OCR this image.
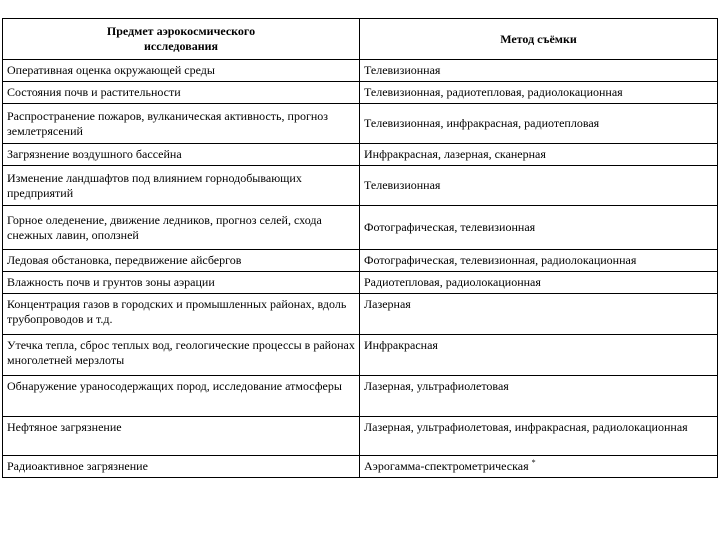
Предмет аэрокосмического исследования	Метод съёмки
Оперативная оценка окружающей среды	Телевизионная
Состояния почв и растительности	Телевизионная, радиотепловая, радиолокационная
Распространение пожаров, вулканическая активность, прогноз землетрясений	Телевизионная, инфракрасная, радиотепловая
Загрязнение воздушного бассейна	Инфракрасная, лазерная, сканерная
Изменение ландшафтов под влиянием горнодобывающих предприятий	Телевизионная
Горное оледенение, движение ледников, прогноз селей, схода снежных лавин, оползней	Фотографическая, телевизионная
Ледовая обстановка, передвижение айсбергов	Фотографическая, телевизионная, радиолокационная
Влажность почв и грунтов зоны аэрации	Радиотепловая, радиолокационная
Концентрация газов в городских и промышленных районах, вдоль трубопроводов и т.д.	Лазерная
Утечка тепла, сброс теплых вод, геологические процессы в районах многолетней мерзлоты	Инфракрасная
Обнаружение ураносодержащих пород, исследование атмосферы	Лазерная, ультрафиолетовая
Нефтяное загрязнение	Лазерная, ультрафиолетовая, инфракрасная, радиолокационная
Радиоактивное загрязнение	Аэрогамма-спектрометрическая *
